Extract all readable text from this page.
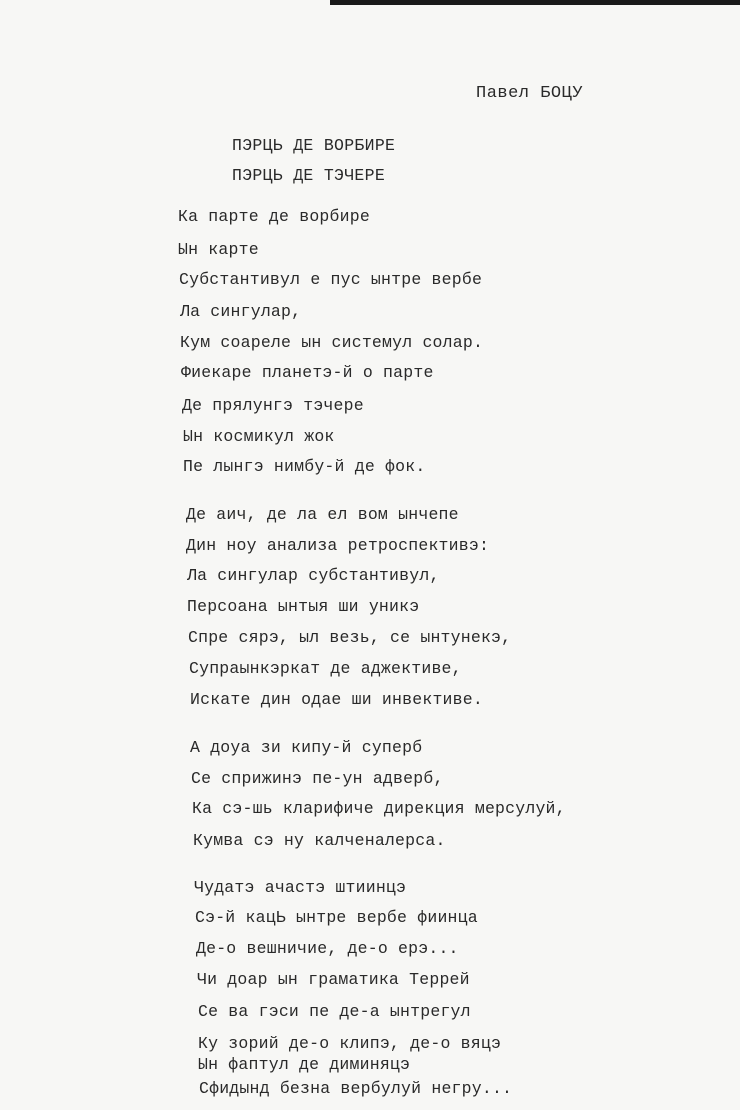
Павел БОЦУ
ПЭРЦЬ ДЕ ВОРБИРЕ
ПЭРЦЬ ДЕ ТЭЧЕРЕ
Ка парте де ворбире
Ын карте
Субстантивул е пус ынтре вербе
Ла сингулар,
Кум соареле ын системул солар.
Фиекаре планетэ-й о парте
Де прялунгэ тэчере
Ын космикул жок
Пе лынгэ нимбу-й де фок.
Де аич, де ла ел вом ынчепе
Дин ноу анализа ретроспективэ:
Ла сингулар субстантивул,
Персоана ынтыя ши уникэ
Спре сярэ, ыл везь, се ынтунекэ,
Супраынкэркат де аджективе,
Искате дин одае ши инвективе.
А доуа зи кипу-й суперб
Се сприжинэ пе-ун адверб,
Ка сэ-шь кларифиче дирекция мерсулуй,
Кумва сэ ну калченалерса.
Чудатэ ачастэ штиинцэ
Сэ-й кацЬ ынтре вербе фиинца
Де-о вешничие, де-о ерэ...
Чи доар ын граматика Террей
Се ва гэси пе де-а ынтрегул
Ку зорий де-о клипэ, де-о вяцэ
Ын фаптул де диминяцэ
Сфидынд безна вербулуй негру...
